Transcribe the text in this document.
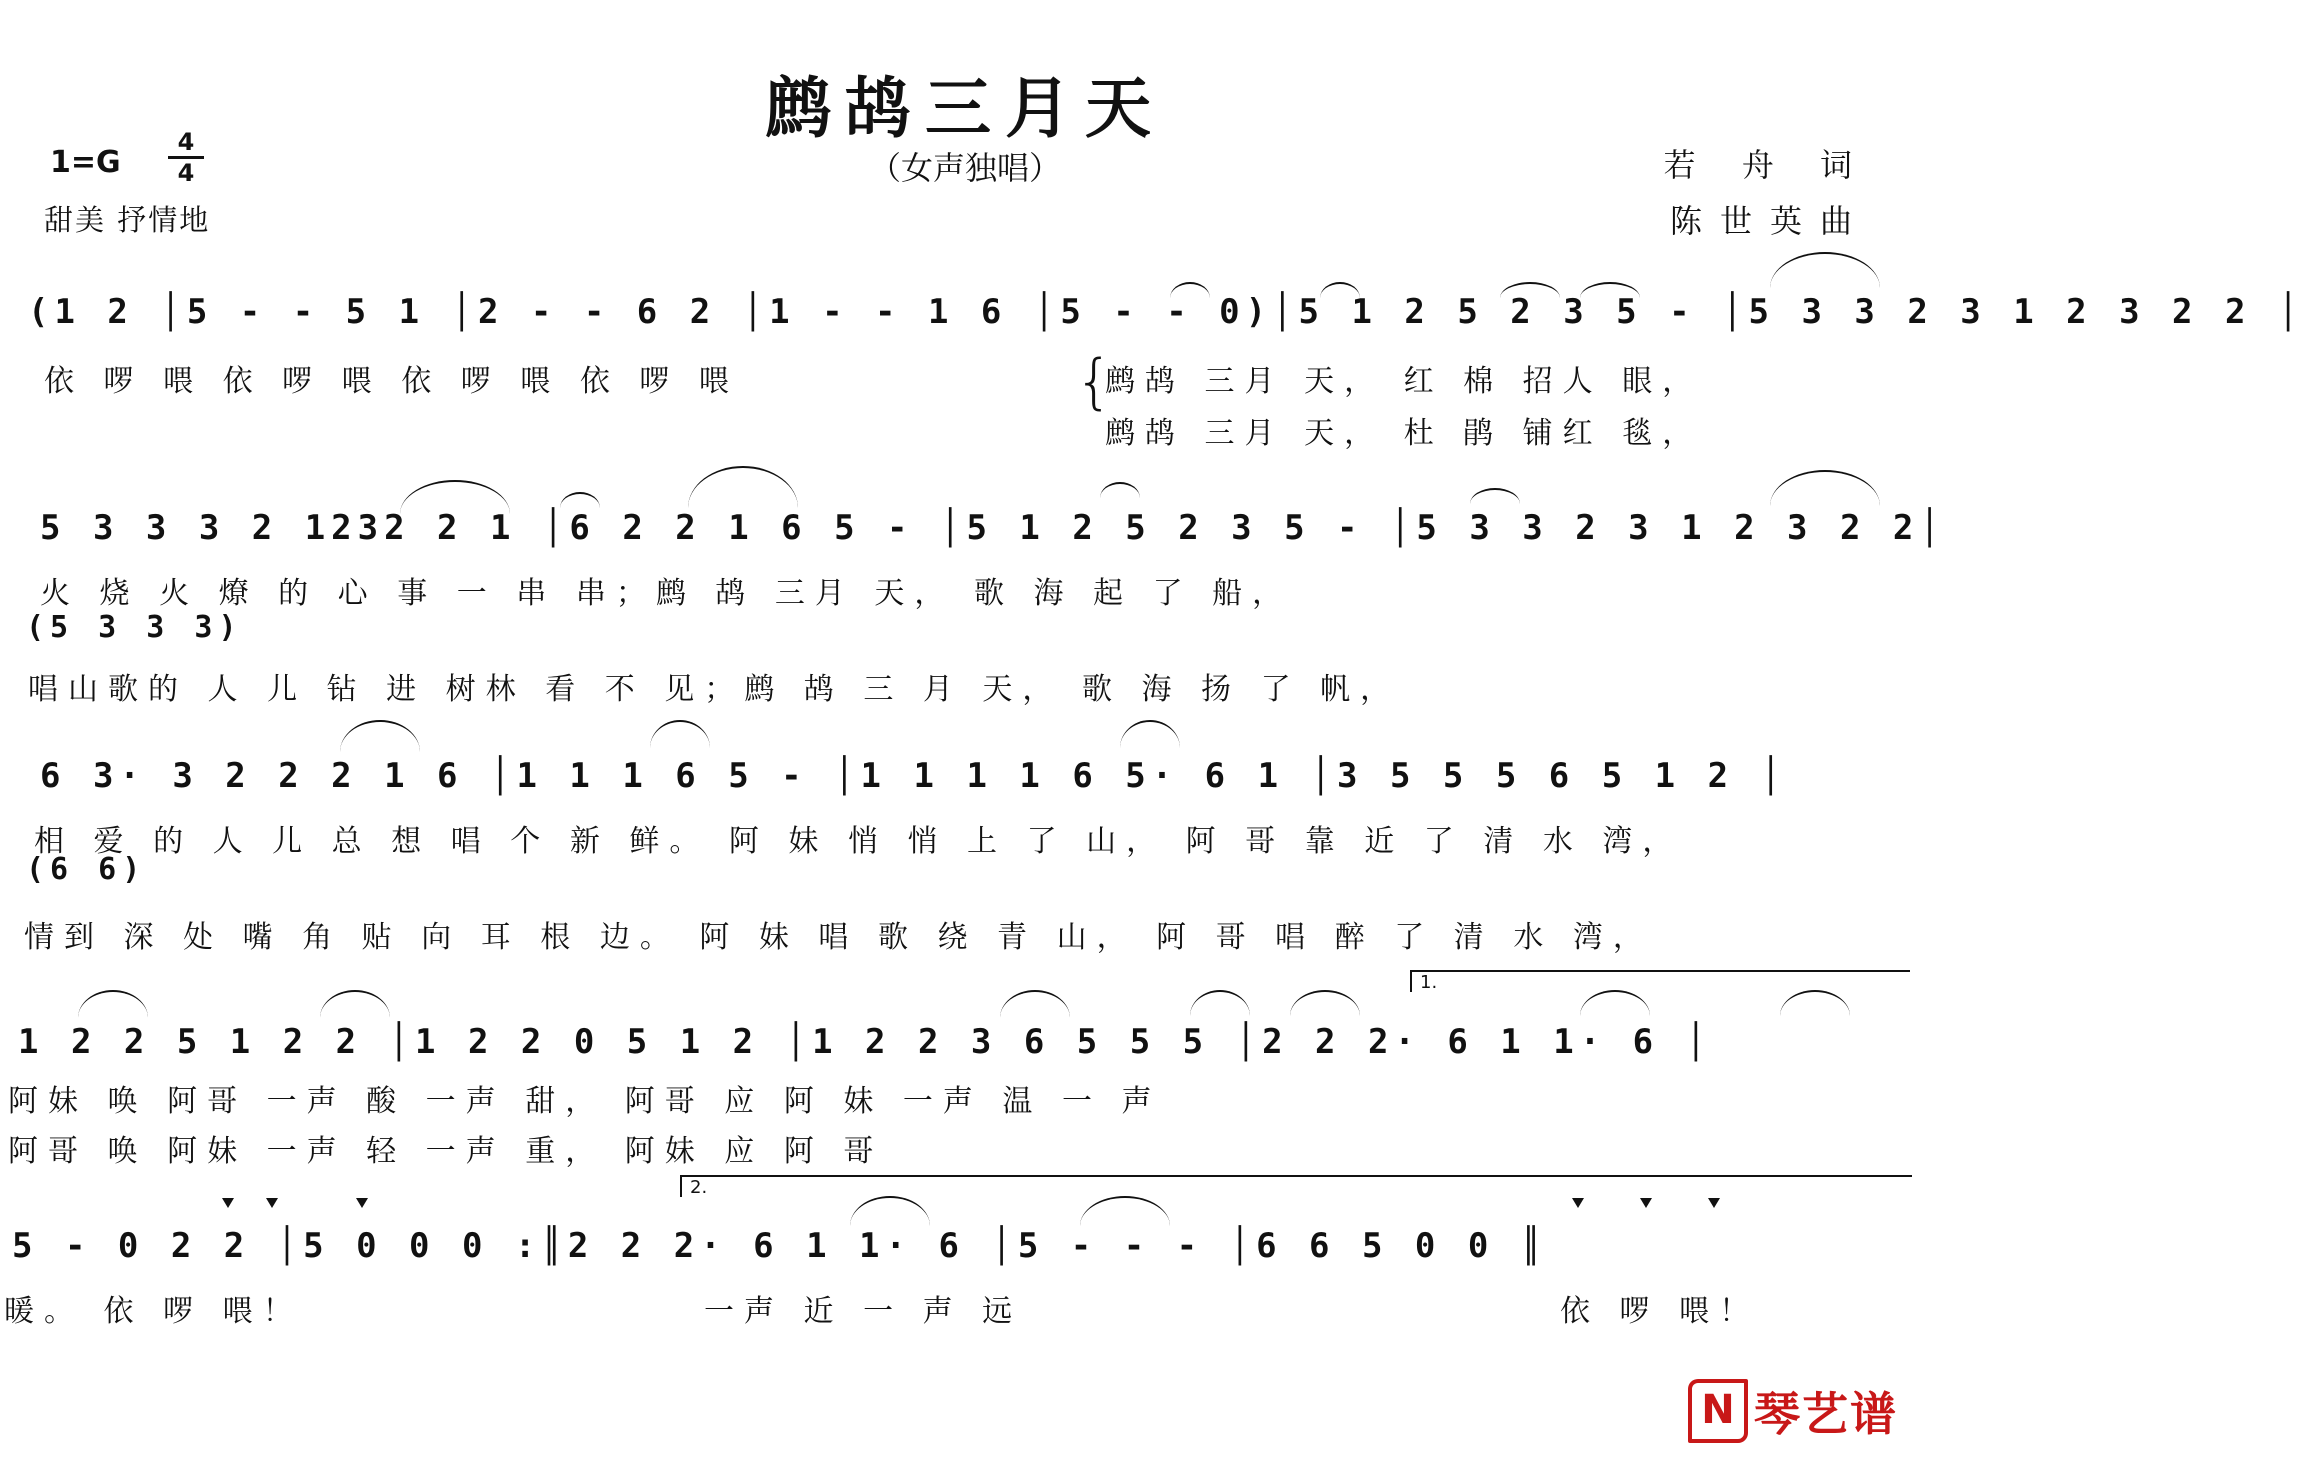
鹧鸪三月天
（女声独唱）
1=G
4
4
甜美 抒情地
若 舟 词
陈世英曲
(1 2 │5 - - 5 1 │2 - - 6 2 │1 - - 1 6 │5 - - 0)│5 1 2 5 2 3 5 - │5 3 3 2 3 1 2 3 2 2 │
依 啰 喂 依 啰 喂 依 啰 喂 依 啰 喂	{
鹧鸪 三月 天， 红 棉 招人 眼，
鹧鸪 三月 天， 杜 鹃 铺红 毯，
5 3 3 3 2 1232 2 1 │6 2 2 1 6 5 - │5 1 2 5 2 3 5 - │5 3 3 2 3 1 2 3 2 2│
火 烧 火 燎 的 心 事 一 串 串；鹧 鸪 三月 天， 歌 海 起 了 船，
(5 3 3 3)
唱山歌的 人 儿 钻 进 树林 看 不 见；鹧 鸪 三 月 天， 歌 海 扬 了 帆，
6 3· 3 2 2 2 1 6 │1 1 1 6 5 - │1 1 1 1 6 5· 6 1 │3 5 5 5 6 5 1 2 │
相 爱 的 人 儿 总 想 唱 个 新 鲜。 阿 妹 悄 悄 上 了 山， 阿 哥 靠 近 了 清 水 湾，
(6 6)
情到 深 处 嘴 角 贴 向 耳 根 边。 阿 妹 唱 歌 绕 青 山， 阿 哥 唱 醉 了 清 水 湾，
1 2 2 5 1 2 2 │1 2 2 0 5 1 2 │1 2 2 3 6 5 5 5 │2 2 2· 6 1 1· 6 │
阿妹 唤 阿哥 一声 酸 一声 甜， 阿哥 应 阿 妹 一声 温 一 声
阿哥 唤 阿妹 一声 轻 一声 重， 阿妹 应 阿 哥
1.
5 - 0 2 2 │5 0 0 0 :║2 2 2· 6 1 1· 6 │5 - - - │6 6 5 0 0 ║
暖。 依 啰 喂！	一声 近 一 声 远	依 啰 喂！
2.
N 琴艺谱
